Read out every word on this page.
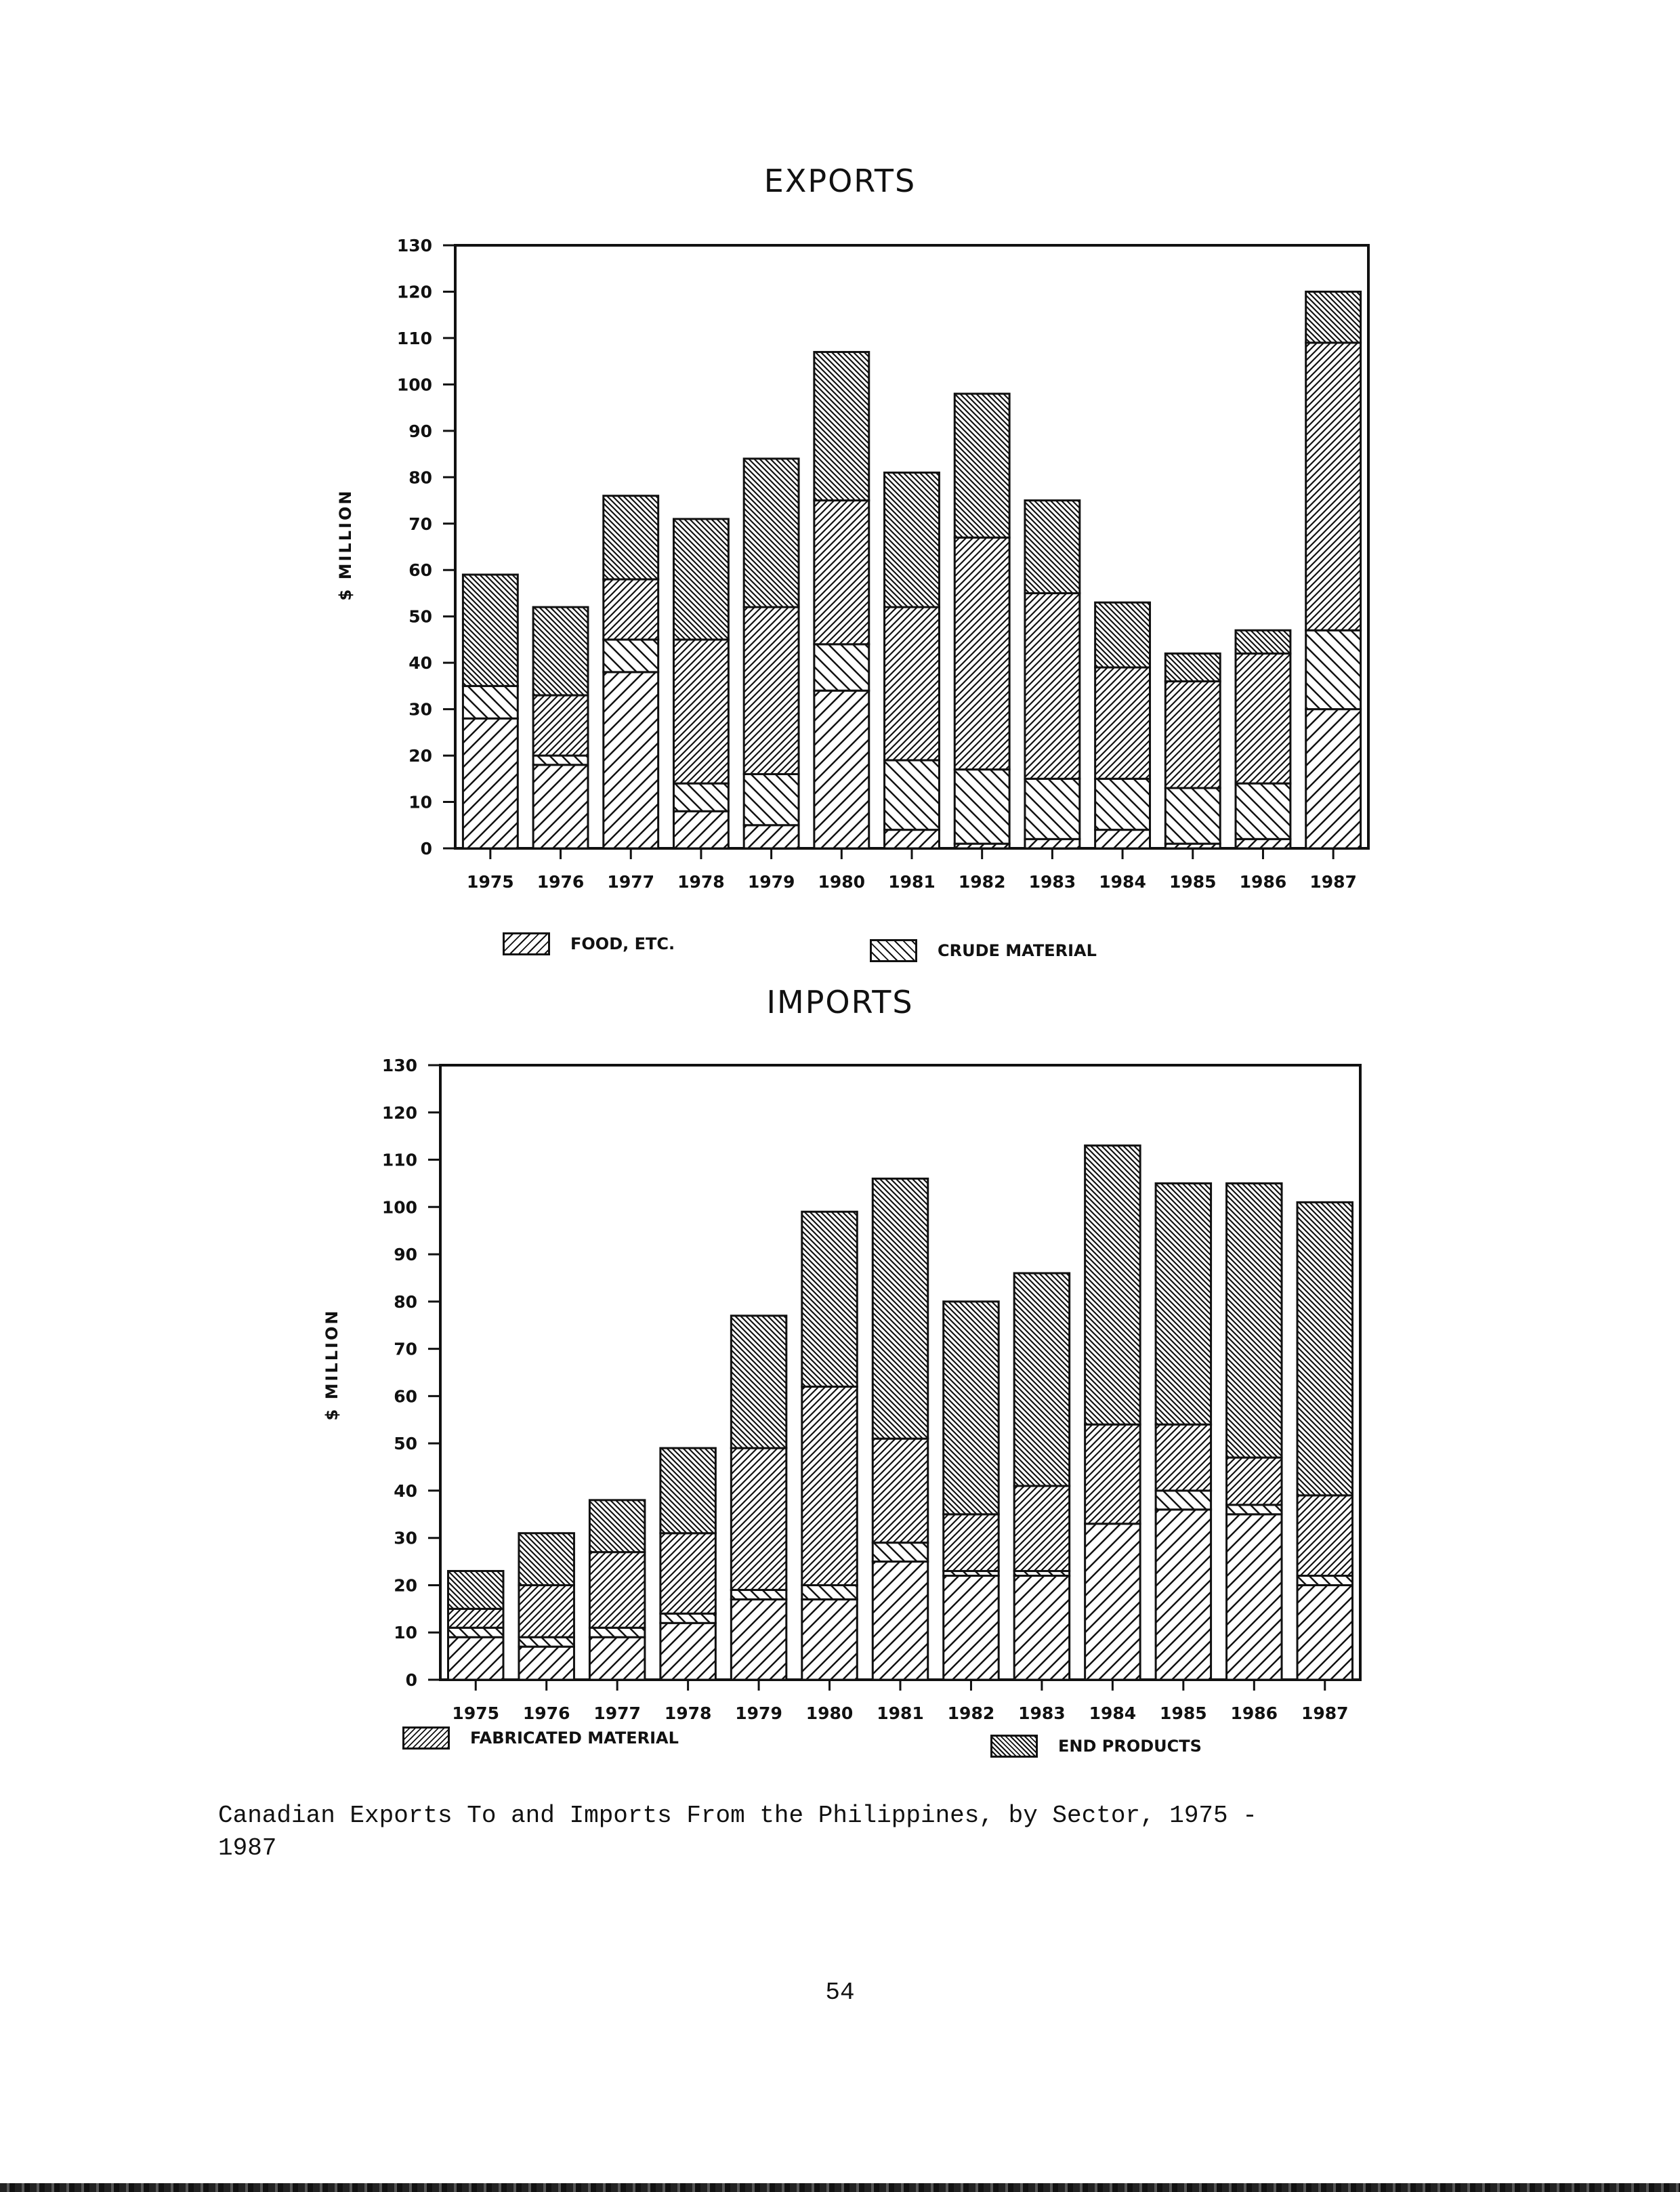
EXPORTS
$ MILLION
0
10
20
30
40
50
60
70
80
90
100
110
120
130
1975 1976 1977 1978 1979 1980 1981 1982 1983 1984 1985 1986 1987
FOOD, ETC.	CRUDE MATERIAL
IMPORTS
$ MILLION
0
10
20
30
40
50
60
70
80
90
100
110
120
130
1975 1976 1977 1978 1979 1980 1981 1982 1983 1984 1985 1986 1987
FABRICATED MATERIAL	END PRODUCTS
Canadian Exports To and Imports From the Philippines, by Sector, 1975 -
1987
54
